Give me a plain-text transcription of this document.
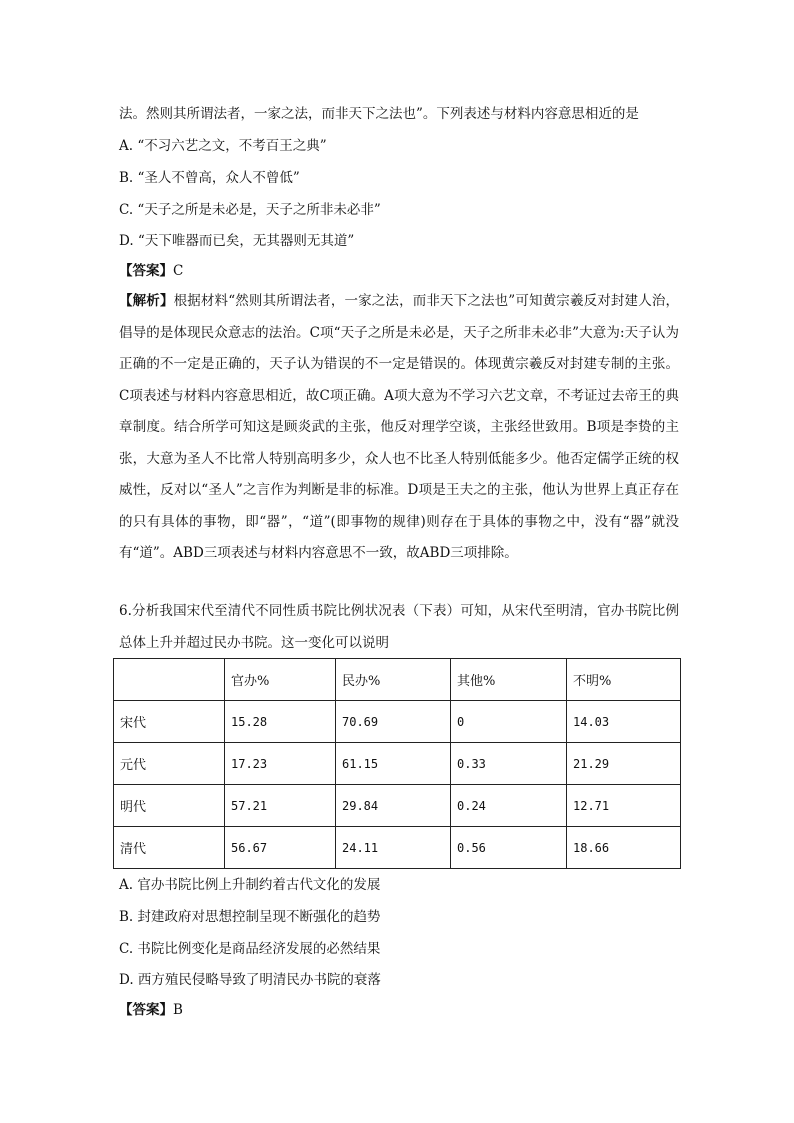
法。然则其所谓法者，一家之法，而非天下之法也”。下列表述与材料内容意思相近的是
A. “不习六艺之文，不考百王之典”
B. “圣人不曾高，众人不曾低”
C. “天子之所是未必是，天子之所非未必非”
D. “天下唯器而已矣，无其器则无其道”
【答案】C
【解析】根据材料“然则其所谓法者，一家之法，而非天下之法也”可知黄宗羲反对封建人治，倡导的是体现民众意志的法治。C项“天子之所是未必是，天子之所非未必非”大意为:天子认为正确的不一定是正确的，天子认为错误的不一定是错误的。体现黄宗羲反对封建专制的主张。C项表述与材料内容意思相近，故C项正确。A项大意为不学习六艺文章，不考证过去帝王的典章制度。结合所学可知这是顾炎武的主张，他反对理学空谈，主张经世致用。B项是李贽的主张，大意为圣人不比常人特别高明多少，众人也不比圣人特别低能多少。他否定儒学正统的权威性，反对以“圣人”之言作为判断是非的标准。D项是王夫之的主张，他认为世界上真正存在的只有具体的事物，即“器”，“道”(即事物的规律)则存在于具体的事物之中，没有“器”就没有“道”。ABD三项表述与材料内容意思不一致，故ABD三项排除。
6.分析我国宋代至清代不同性质书院比例状况表（下表）可知，从宋代至明清，官办书院比例总体上升并超过民办书院。这一变化可以说明
	官办%	民办%	其他%	不明%
宋代	15.28	70.69	0	14.03
元代	17.23	61.15	0.33	21.29
明代	57.21	29.84	0.24	12.71
清代	56.67	24.11	0.56	18.66
A. 官办书院比例上升制约着古代文化的发展
B. 封建政府对思想控制呈现不断强化的趋势
C. 书院比例变化是商品经济发展的必然结果
D. 西方殖民侵略导致了明清民办书院的衰落
【答案】B
